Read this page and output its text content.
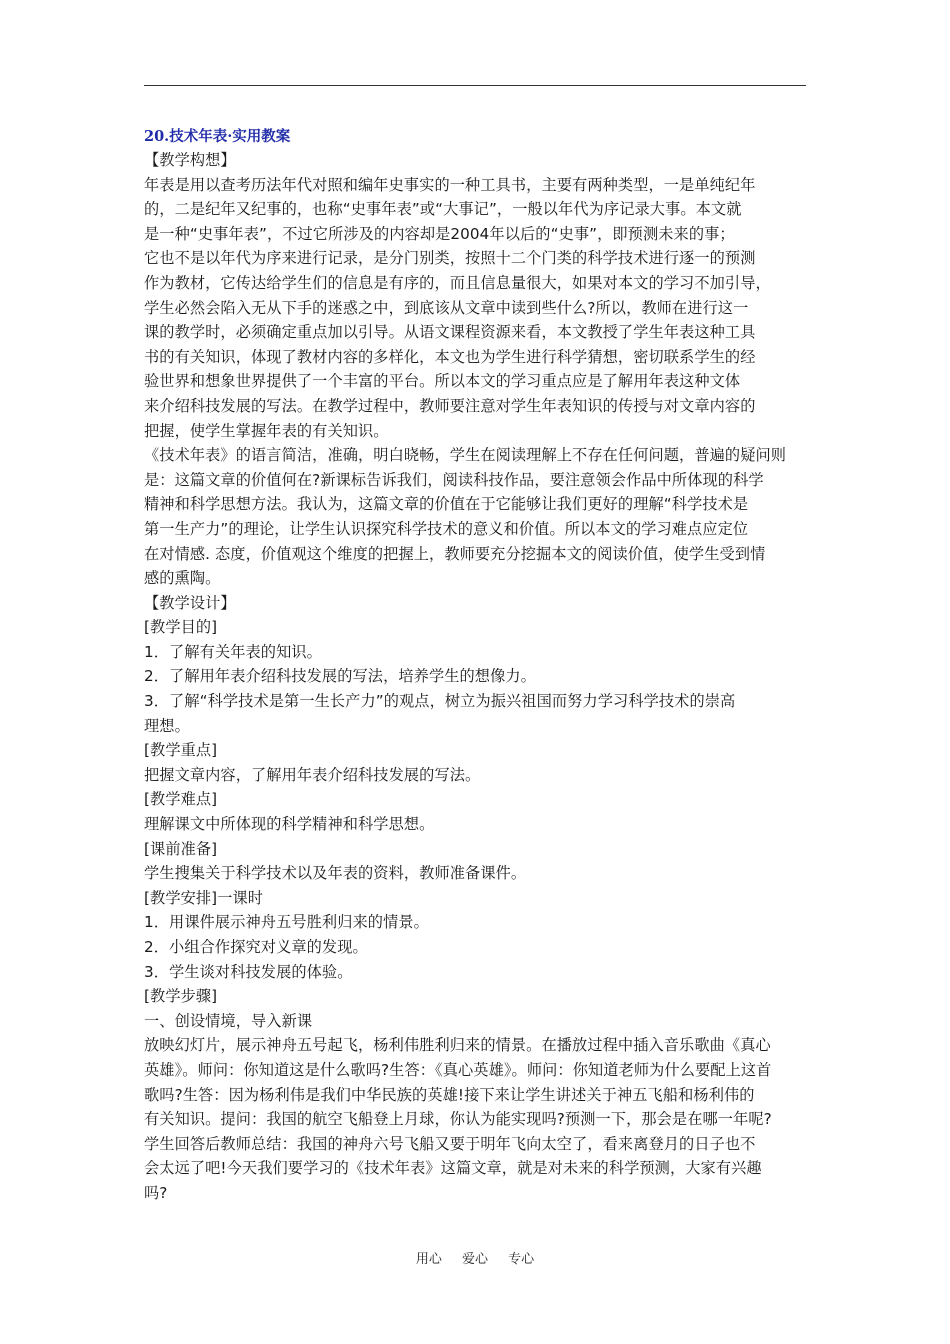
20.技术年表·实用教案
【教学构想】
年表是用以查考历法年代对照和编年史事实的一种工具书，主要有两种类型，一是单纯纪年
的，二是纪年又纪事的，也称“史事年表”或“大事记”，一般以年代为序记录大事。本文就
是一种“史事年表”，不过它所涉及的内容却是2004年以后的“史事”，即预测未来的事；
它也不是以年代为序来进行记录，是分门别类，按照十二个门类的科学技术进行逐一的预测
作为教材，它传达给学生们的信息是有序的，而且信息量很大，如果对本文的学习不加引导，
学生必然会陷入无从下手的迷惑之中，到底该从文章中读到些什么?所以，教师在进行这一
课的教学时，必须确定重点加以引导。从语文课程资源来看，本文教授了学生年表这种工具
书的有关知识，体现了教材内容的多样化，本文也为学生进行科学猜想，密切联系学生的经
验世界和想象世界提供了一个丰富的平台。所以本文的学习重点应是了解用年表这种文体
来介绍科技发展的写法。在教学过程中，教师要注意对学生年表知识的传授与对文章内容的
把握，使学生掌握年表的有关知识。
《技术年表》的语言简洁，准确，明白晓畅，学生在阅读理解上不存在任何问题，普遍的疑问则
是：这篇文章的价值何在?新课标告诉我们，阅读科技作品，要注意领会作品中所体现的科学
精神和科学思想方法。我认为，这篇文章的价值在于它能够让我们更好的理解“科学技术是
第一生产力”的理论，让学生认识探究科学技术的意义和价值。所以本文的学习难点应定位
在对情感. 态度，价值观这个维度的把握上，教师要充分挖掘本文的阅读价值，使学生受到情
感的熏陶。
【教学设计】
[教学目的]
1．了解有关年表的知识。
2．了解用年表介绍科技发展的写法，培养学生的想像力。
3．了解“科学技术是第一生长产力”的观点，树立为振兴祖国而努力学习科学技术的崇高
理想。
[教学重点]
把握文章内容，了解用年表介绍科技发展的写法。
[教学难点]
理解课文中所体现的科学精神和科学思想。
[课前准备]
学生搜集关于科学技术以及年表的资料，教师准备课件。
[教学安排]一课时
1．用课件展示神舟五号胜利归来的情景。
2．小组合作探究对义章的发现。
3．学生谈对科技发展的体验。
[教学步骤]
一、创设情境，导入新课
放映幻灯片，展示神舟五号起飞，杨利伟胜利归来的情景。在播放过程中插入音乐歌曲《真心
英雄》。师问：你知道这是什么歌吗?生答：《真心英雄》。师问：你知道老师为什么要配上这首
歌吗?生答：因为杨利伟是我们中华民族的英雄!接下来让学生讲述关于神五飞船和杨利伟的
有关知识。提问：我国的航空飞船登上月球，你认为能实现吗?预测一下，那会是在哪一年呢?
学生回答后教师总结：我国的神舟六号飞船又要于明年飞向太空了，看来离登月的日子也不
会太远了吧!今天我们要学习的《技术年表》这篇文章，就是对未来的科学预测，大家有兴趣
吗?
用心 爱心 专心
